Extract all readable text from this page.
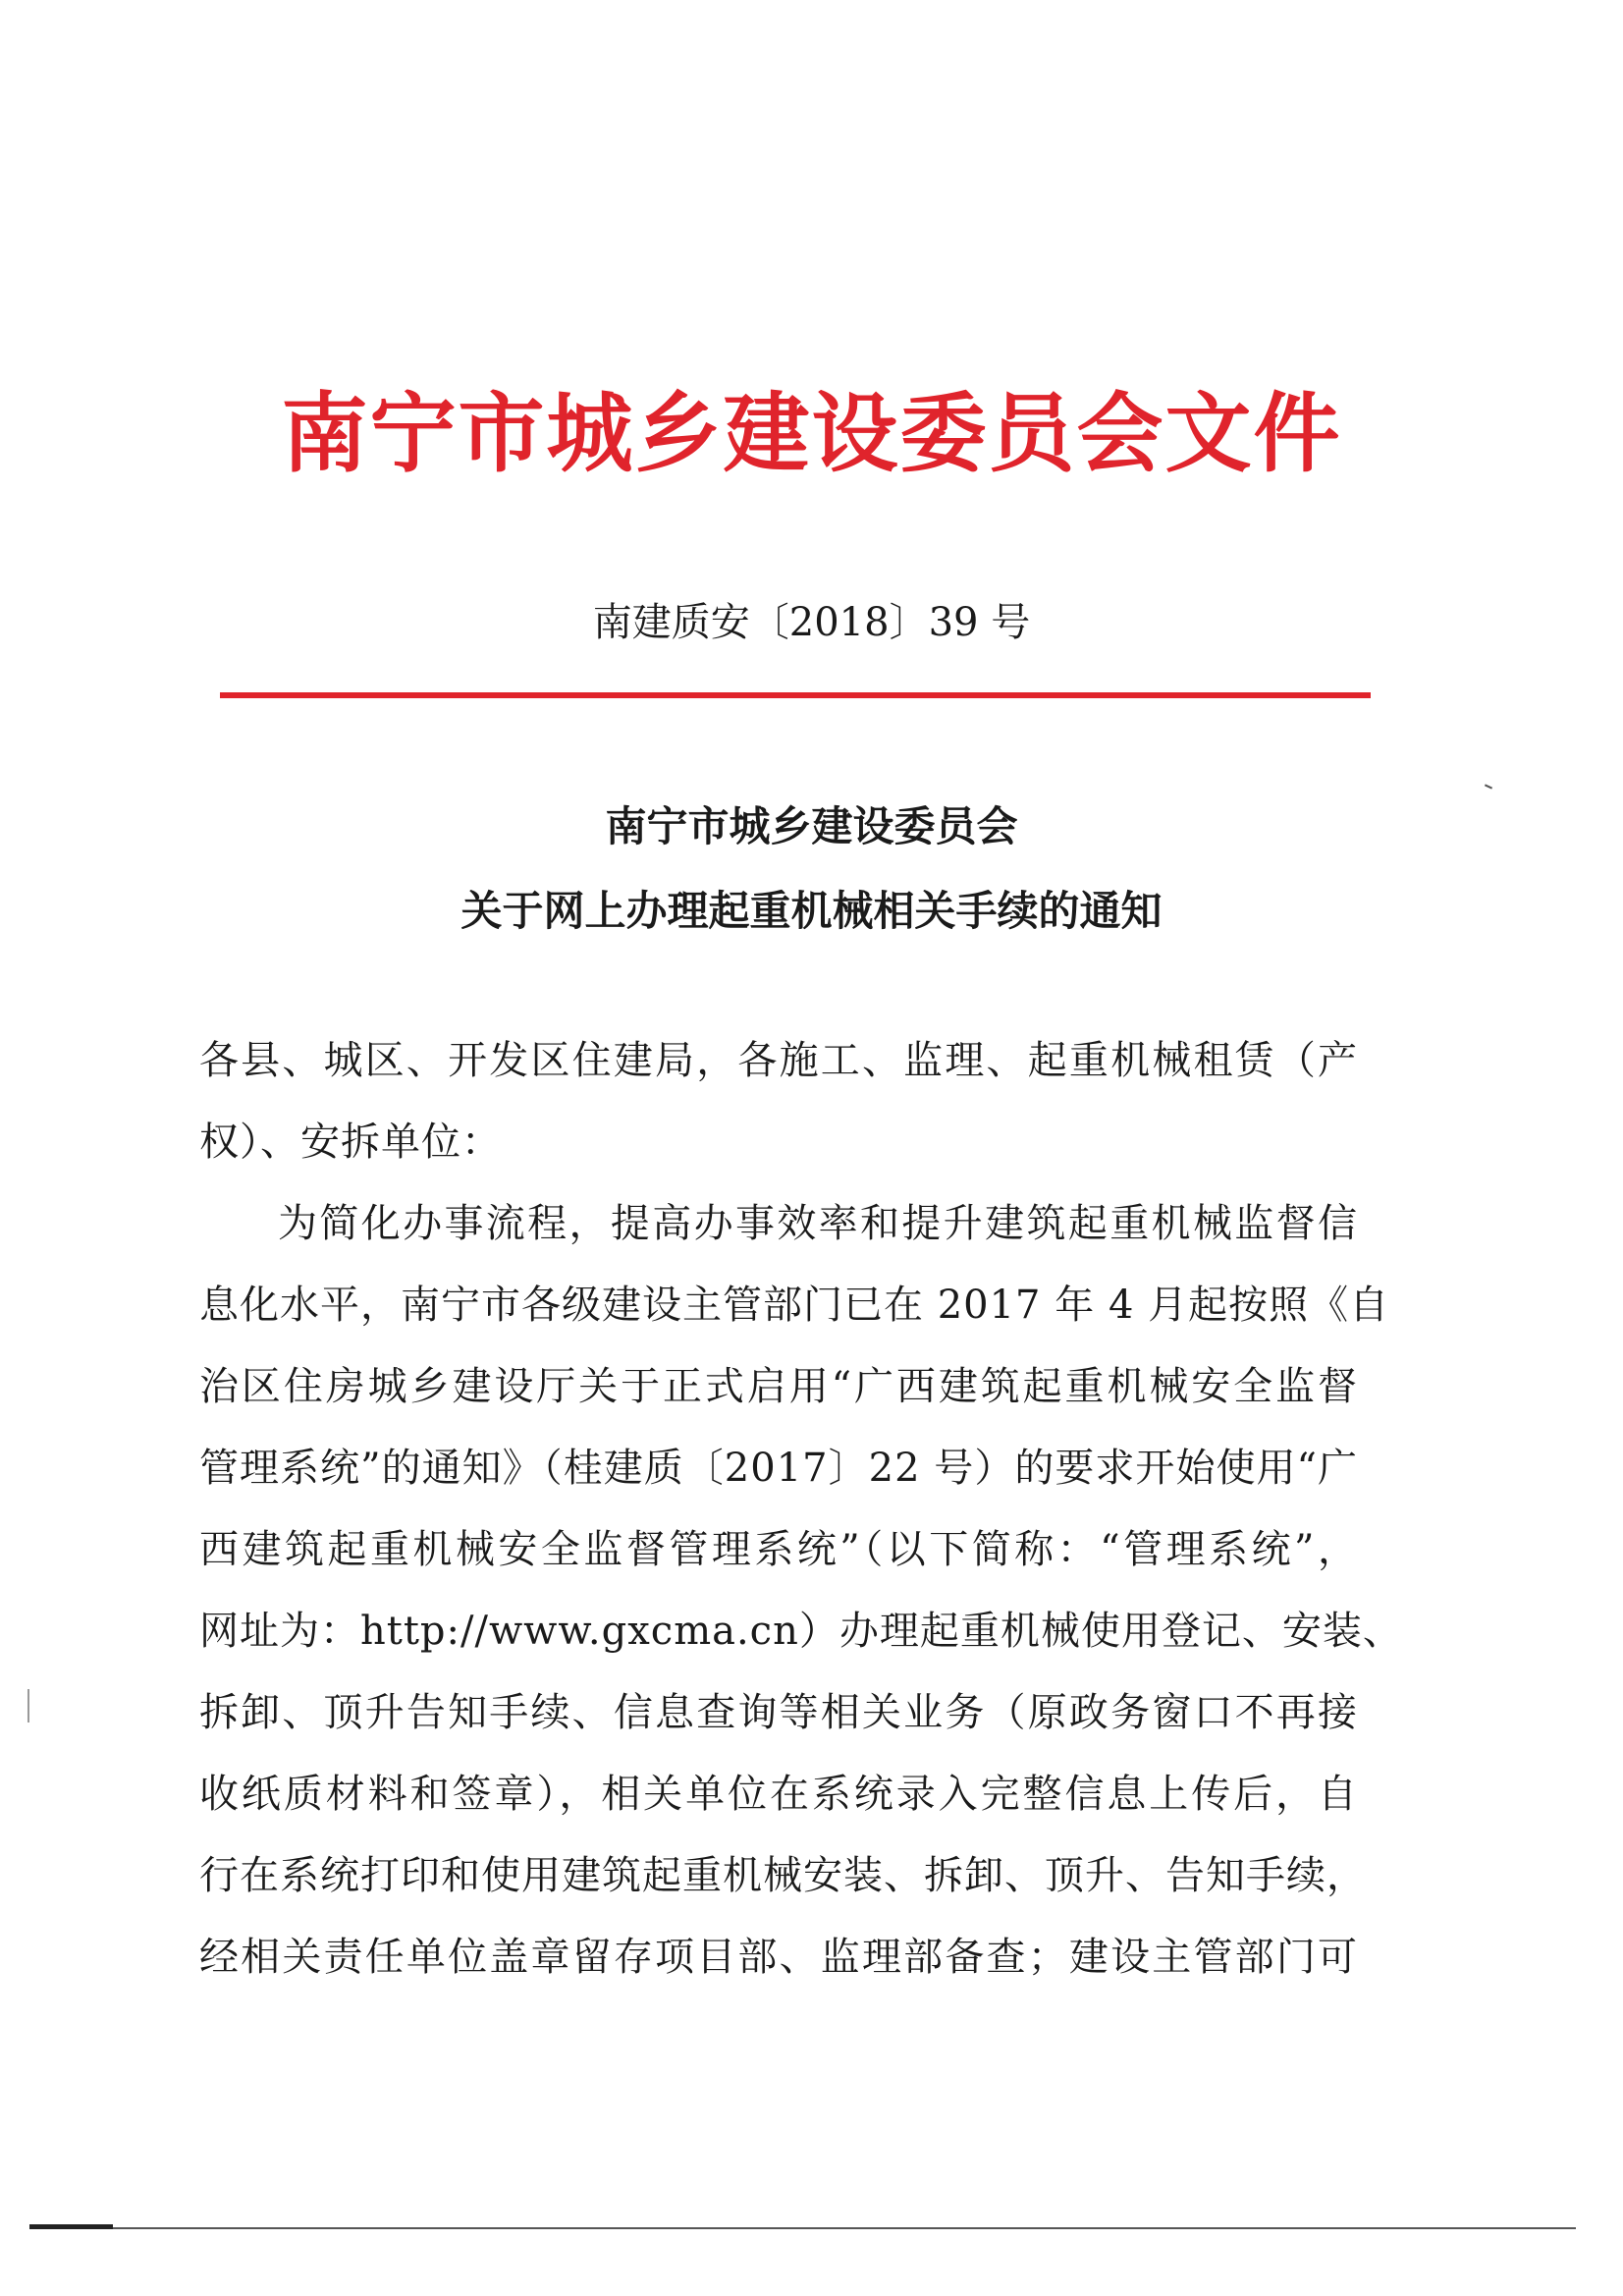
南宁市城乡建设委员会文件
南建质安〔2018〕39 号
南宁市城乡建设委员会
关于网上办理起重机械相关手续的通知
各县、城区、开发区住建局，各施工、监理、起重机械租赁（产
权）、安拆单位：
为简化办事流程，提高办事效率和提升建筑起重机械监督信
息化水平，南宁市各级建设主管部门已在 2017 年 4 月起按照《自
治区住房城乡建设厅关于正式启用“广西建筑起重机械安全监督
管理系统”的通知》（桂建质〔2017〕22 号）的要求开始使用“广
西建筑起重机械安全监督管理系统”（以下简称：“管理系统”，
网址为：http://www.gxcma.cn）办理起重机械使用登记、安装、
拆卸、顶升告知手续、信息查询等相关业务（原政务窗口不再接
收纸质材料和签章），相关单位在系统录入完整信息上传后，自
行在系统打印和使用建筑起重机械安装、拆卸、顶升、告知手续，
经相关责任单位盖章留存项目部、监理部备查；建设主管部门可
